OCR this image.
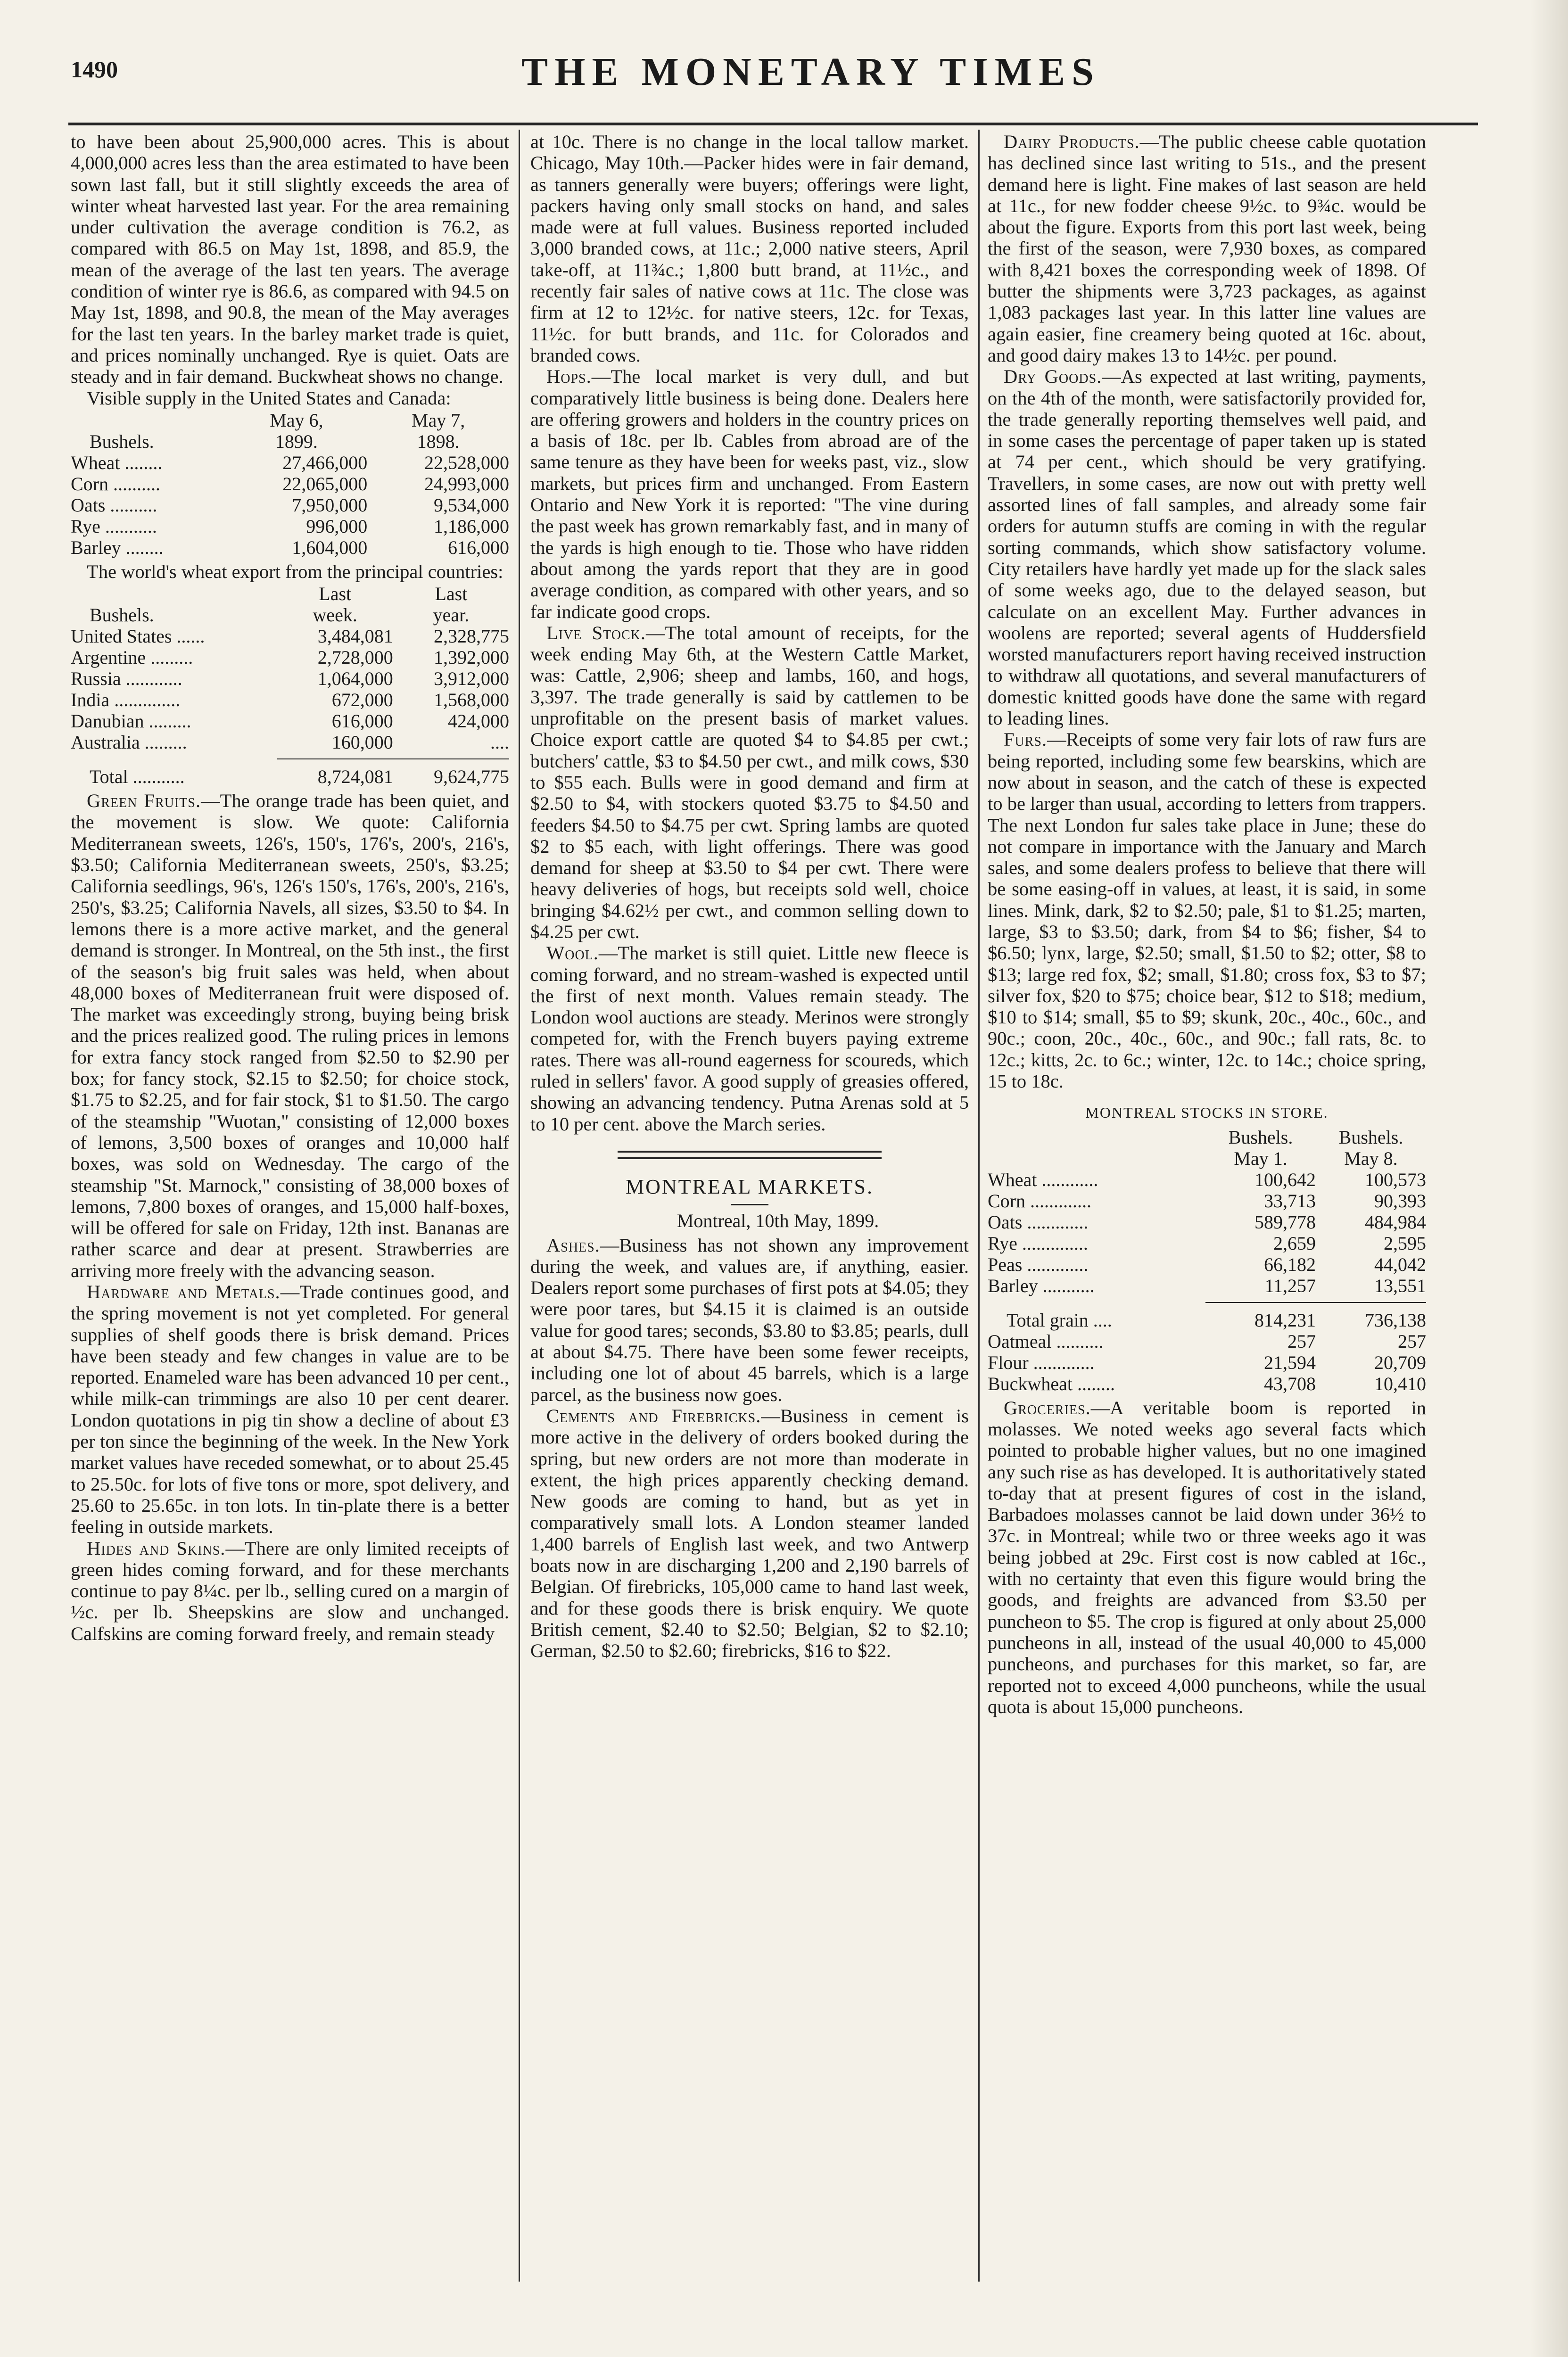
1490	THE MONETARY TIMES

to have been about 25,900,000 acres. This is about 4,000,000 acres less than the area estimated to have been sown last fall, but it still slightly exceeds the area of winter wheat harvested last year. For the area remaining under cultivation the average condition is 76.2, as compared with 86.5 on May 1st, 1898, and 85.9, the mean of the average of the last ten years. The average condition of winter rye is 86.6, as compared with 94.5 on May 1st, 1898, and 90.8, the mean of the May averages for the last ten years. In the barley market trade is quiet, and prices nominally unchanged. Rye is quiet. Oats are steady and in fair demand. Buckwheat shows no change.

Visible supply in the United States and Canada:

	May 6,	May 7,
Bushels.	1899.	1898.
Wheat ........	27,466,000	22,528,000
Corn ..........	22,065,000	24,993,000
Oats ..........	7,950,000	9,534,000
Rye ...........	996,000	1,186,000
Barley ........	1,604,000	616,000

The world's wheat export from the principal countries:

	Last	Last
Bushels.	week.	year.
United States ......	3,484,081	2,328,775
Argentine .........	2,728,000	1,392,000
Russia ............	1,064,000	3,912,000
India ..............	672,000	1,568,000
Danubian .........	616,000	424,000
Australia .........	160,000	....

Total ...........	8,724,081	9,624,775

Green Fruits.—The orange trade has been quiet, and the movement is slow. We quote: California Mediterranean sweets, 126's, 150's, 176's, 200's, 216's, $3.50; California Mediterranean sweets, 250's, $3.25; California seedlings, 96's, 126's 150's, 176's, 200's, 216's, 250's, $3.25; California Navels, all sizes, $3.50 to $4. In lemons there is a more active market, and the general demand is stronger. In Montreal, on the 5th inst., the first of the season's big fruit sales was held, when about 48,000 boxes of Mediterranean fruit were disposed of. The market was exceedingly strong, buying being brisk and the prices realized good. The ruling prices in lemons for extra fancy stock ranged from $2.50 to $2.90 per box; for fancy stock, $2.15 to $2.50; for choice stock, $1.75 to $2.25, and for fair stock, $1 to $1.50. The cargo of the steamship "Wuotan," consisting of 12,000 boxes of lemons, 3,500 boxes of oranges and 10,000 half boxes, was sold on Wednesday. The cargo of the steamship "St. Marnock," consisting of 38,000 boxes of lemons, 7,800 boxes of oranges, and 15,000 half-boxes, will be offered for sale on Friday, 12th inst. Bananas are rather scarce and dear at present. Strawberries are arriving more freely with the advancing season.

Hardware and Metals.—Trade continues good, and the spring movement is not yet completed. For general supplies of shelf goods there is brisk demand. Prices have been steady and few changes in value are to be reported. Enameled ware has been advanced 10 per cent., while milk-can trimmings are also 10 per cent dearer. London quotations in pig tin show a decline of about £3 per ton since the beginning of the week. In the New York market values have receded somewhat, or to about 25.45 to 25.50c. for lots of five tons or more, spot delivery, and 25.60 to 25.65c. in ton lots. In tin-plate there is a better feeling in outside markets.

Hides and Skins.—There are only limited receipts of green hides coming forward, and for these merchants continue to pay 8¼c. per lb., selling cured on a margin of ½c. per lb. Sheepskins are slow and unchanged. Calfskins are coming forward freely, and remain steady

at 10c. There is no change in the local tallow market. Chicago, May 10th.—Packer hides were in fair demand, as tanners generally were buyers; offerings were light, packers having only small stocks on hand, and sales made were at full values. Business reported included 3,000 branded cows, at 11c.; 2,000 native steers, April take-off, at 11¾c.; 1,800 butt brand, at 11½c., and recently fair sales of native cows at 11c. The close was firm at 12 to 12½c. for native steers, 12c. for Texas, 11½c. for butt brands, and 11c. for Colorados and branded cows.

Hops.—The local market is very dull, and but comparatively little business is being done. Dealers here are offering growers and holders in the country prices on a basis of 18c. per lb. Cables from abroad are of the same tenure as they have been for weeks past, viz., slow markets, but prices firm and unchanged. From Eastern Ontario and New York it is reported: "The vine during the past week has grown remarkably fast, and in many of the yards is high enough to tie. Those who have ridden about among the yards report that they are in good average condition, as compared with other years, and so far indicate good crops.

Live Stock.—The total amount of receipts, for the week ending May 6th, at the Western Cattle Market, was: Cattle, 2,906; sheep and lambs, 160, and hogs, 3,397. The trade generally is said by cattlemen to be unprofitable on the present basis of market values. Choice export cattle are quoted $4 to $4.85 per cwt.; butchers' cattle, $3 to $4.50 per cwt., and milk cows, $30 to $55 each. Bulls were in good demand and firm at $2.50 to $4, with stockers quoted $3.75 to $4.50 and feeders $4.50 to $4.75 per cwt. Spring lambs are quoted $2 to $5 each, with light offerings. There was good demand for sheep at $3.50 to $4 per cwt. There were heavy deliveries of hogs, but receipts sold well, choice bringing $4.62½ per cwt., and common selling down to $4.25 per cwt.

Wool.—The market is still quiet. Little new fleece is coming forward, and no stream-washed is expected until the first of next month. Values remain steady. The London wool auctions are steady. Merinos were strongly competed for, with the French buyers paying extreme rates. There was all-round eagerness for scoureds, which ruled in sellers' favor. A good supply of greasies offered, showing an advancing tendency. Putna Arenas sold at 5 to 10 per cent. above the March series.

MONTREAL MARKETS.
Montreal, 10th May, 1899.

Ashes.—Business has not shown any improvement during the week, and values are, if anything, easier. Dealers report some purchases of first pots at $4.05; they were poor tares, but $4.15 it is claimed is an outside value for good tares; seconds, $3.80 to $3.85; pearls, dull at about $4.75. There have been some fewer receipts, including one lot of about 45 barrels, which is a large parcel, as the business now goes.

Cements and Firebricks.—Business in cement is more active in the delivery of orders booked during the spring, but new orders are not more than moderate in extent, the high prices apparently checking demand. New goods are coming to hand, but as yet in comparatively small lots. A London steamer landed 1,400 barrels of English last week, and two Antwerp boats now in are discharging 1,200 and 2,190 barrels of Belgian. Of firebricks, 105,000 came to hand last week, and for these goods there is brisk enquiry. We quote British cement, $2.40 to $2.50; Belgian, $2 to $2.10; German, $2.50 to $2.60; firebricks, $16 to $22.

Dairy Products.—The public cheese cable quotation has declined since last writing to 51s., and the present demand here is light. Fine makes of last season are held at 11c., for new fodder cheese 9½c. to 9¾c. would be about the figure. Exports from this port last week, being the first of the season, were 7,930 boxes, as compared with 8,421 boxes the corresponding week of 1898. Of butter the shipments were 3,723 packages, as against 1,083 packages last year. In this latter line values are again easier, fine creamery being quoted at 16c. about, and good dairy makes 13 to 14½c. per pound.

Dry Goods.—As expected at last writing, payments, on the 4th of the month, were satisfactorily provided for, the trade generally reporting themselves well paid, and in some cases the percentage of paper taken up is stated at 74 per cent., which should be very gratifying. Travellers, in some cases, are now out with pretty well assorted lines of fall samples, and already some fair orders for autumn stuffs are coming in with the regular sorting commands, which show satisfactory volume. City retailers have hardly yet made up for the slack sales of some weeks ago, due to the delayed season, but calculate on an excellent May. Further advances in woolens are reported; several agents of Huddersfield worsted manufacturers report having received instruction to withdraw all quotations, and several manufacturers of domestic knitted goods have done the same with regard to leading lines.

Furs.—Receipts of some very fair lots of raw furs are being reported, including some few bearskins, which are now about in season, and the catch of these is expected to be larger than usual, according to letters from trappers. The next London fur sales take place in June; these do not compare in importance with the January and March sales, and some dealers profess to believe that there will be some easing-off in values, at least, it is said, in some lines. Mink, dark, $2 to $2.50; pale, $1 to $1.25; marten, large, $3 to $3.50; dark, from $4 to $6; fisher, $4 to $6.50; lynx, large, $2.50; small, $1.50 to $2; otter, $8 to $13; large red fox, $2; small, $1.80; cross fox, $3 to $7; silver fox, $20 to $75; choice bear, $12 to $18; medium, $10 to $14; small, $5 to $9; skunk, 20c., 40c., 60c., and 90c.; coon, 20c., 40c., 60c., and 90c.; fall rats, 8c. to 12c.; kitts, 2c. to 6c.; winter, 12c. to 14c.; choice spring, 15 to 18c.

MONTREAL STOCKS IN STORE.
	Bushels.	Bushels.
	May 1.	May 8.
Wheat ............	100,642	100,573
Corn .............	33,713	90,393
Oats .............	589,778	484,984
Rye ..............	2,659	2,595
Peas .............	66,182	44,042
Barley ...........	11,257	13,551

Total grain ....	814,231	736,138
Oatmeal ..........	257	257
Flour .............	21,594	20,709
Buckwheat ........	43,708	10,410

Groceries.—A veritable boom is reported in molasses. We noted weeks ago several facts which pointed to probable higher values, but no one imagined any such rise as has developed. It is authoritatively stated to-day that at present figures of cost in the island, Barbadoes molasses cannot be laid down under 36½ to 37c. in Montreal; while two or three weeks ago it was being jobbed at 29c. First cost is now cabled at 16c., with no certainty that even this figure would bring the goods, and freights are advanced from $3.50 per puncheon to $5. The crop is figured at only about 25,000 puncheons in all, instead of the usual 40,000 to 45,000 puncheons, and purchases for this market, so far, are reported not to exceed 4,000 puncheons, while the usual quota is about 15,000 puncheons.
